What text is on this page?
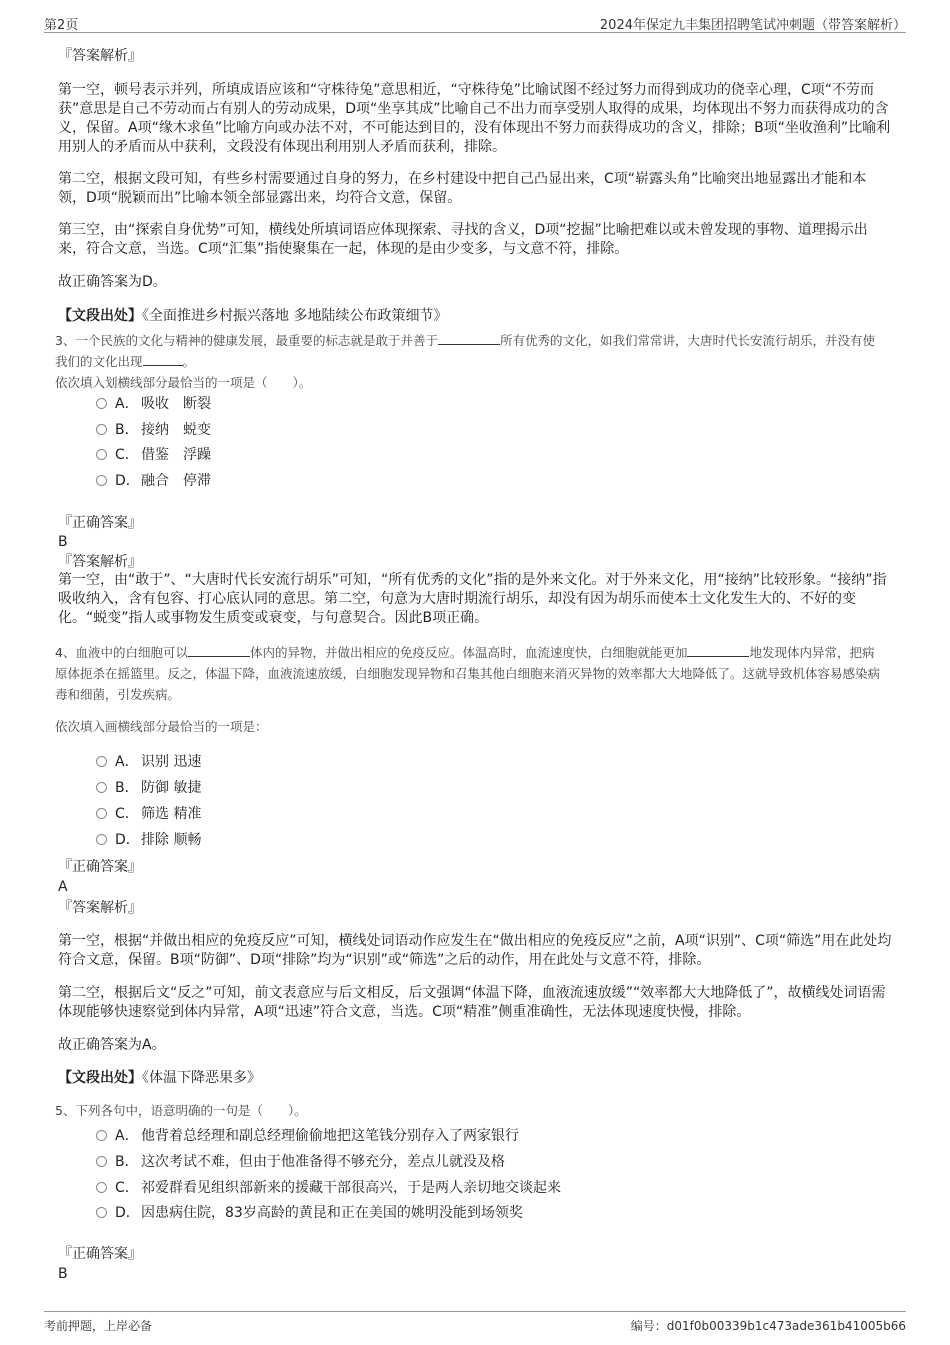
第2页	2024年保定九丰集团招聘笔试冲刺题（带答案解析）
『答案解析』
第一空，顿号表示并列，所填成语应该和“守株待兔”意思相近，“守株待兔”比喻试图不经过努力而得到成功的侥幸心理，C项“不劳而获”意思是自己不劳动而占有别人的劳动成果，D项“坐享其成”比喻自己不出力而享受别人取得的成果，均体现出不努力而获得成功的含义，保留。A项“缘木求鱼”比喻方向或办法不对，不可能达到目的，没有体现出不努力而获得成功的含义，排除；B项“坐收渔利”比喻利用别人的矛盾而从中获利，文段没有体现出利用别人矛盾而获利，排除。
第二空，根据文段可知，有些乡村需要通过自身的努力，在乡村建设中把自己凸显出来，C项“崭露头角”比喻突出地显露出才能和本领，D项“脱颖而出”比喻本领全部显露出来，均符合文意，保留。
第三空，由“探索自身优势”可知，横线处所填词语应体现探索、寻找的含义，D项“挖掘”比喻把难以或未曾发现的事物、道理揭示出来，符合文意，当选。C项“汇集”指使聚集在一起，体现的是由少变多，与文意不符，排除。
故正确答案为D。
【文段出处】《全面推进乡村振兴落地 多地陆续公布政策细节》
3、一个民族的文化与精神的健康发展，最重要的标志就是敢于并善于	所有优秀的文化，如我们常常讲，大唐时代长安流行胡乐，并没有使我们的文化出现	。
依次填入划横线部分最恰当的一项是（　　）。
A． 吸收　断裂
B． 接纳　蜕变
C． 借鉴　浮躁
D．融合　停滞
『正确答案』
B
『答案解析』
第一空，由“敢于”、“大唐时代长安流行胡乐”可知，“所有优秀的文化”指的是外来文化。对于外来文化，用“接纳”比较形象。“接纳”指吸收纳入，含有包容、打心底认同的意思。第二空，句意为大唐时期流行胡乐，却没有因为胡乐而使本土文化发生大的、不好的变化。“蜕变”指人或事物发生质变或衰变，与句意契合。因此B项正确。
4、血液中的白细胞可以	体内的异物，并做出相应的免疫反应。体温高时，血流速度快，白细胞就能更加	地发现体内异常，把病原体扼杀在摇篮里。反之，体温下降，血液流速放缓，白细胞发现异物和召集其他白细胞来消灭异物的效率都大大地降低了。这就导致机体容易感染病毒和细菌，引发疾病。
依次填入画横线部分最恰当的一项是：
A． 识别 迅速
B． 防御 敏捷
C． 筛选 精准
D．排除 顺畅
『正确答案』
A
『答案解析』
第一空，根据“并做出相应的免疫反应”可知，横线处词语动作应发生在“做出相应的免疫反应”之前，A项“识别”、C项“筛选”用在此处均符合文意，保留。B项“防御”、D项“排除”均为“识别”或“筛选”之后的动作，用在此处与文意不符，排除。
第二空，根据后文“反之”可知，前文表意应与后文相反，后文强调“体温下降，血液流速放缓”“效率都大大地降低了”，故横线处词语需体现能够快速察觉到体内异常，A项“迅速”符合文意，当选。C项“精准”侧重准确性，无法体现速度快慢，排除。
故正确答案为A。
【文段出处】《体温下降恶果多》
5、下列各句中，语意明确的一句是（　　）。
A． 他背着总经理和副总经理偷偷地把这笔钱分别存入了两家银行
B． 这次考试不难，但由于他准备得不够充分，差点儿就没及格
C． 祁爱群看见组织部新来的援藏干部很高兴，于是两人亲切地交谈起来
D．因患病住院，83岁高龄的黄昆和正在美国的姚明没能到场领奖
『正确答案』
B
考前押题，上岸必备	编号：d01f0b00339b1c473ade361b41005b66
